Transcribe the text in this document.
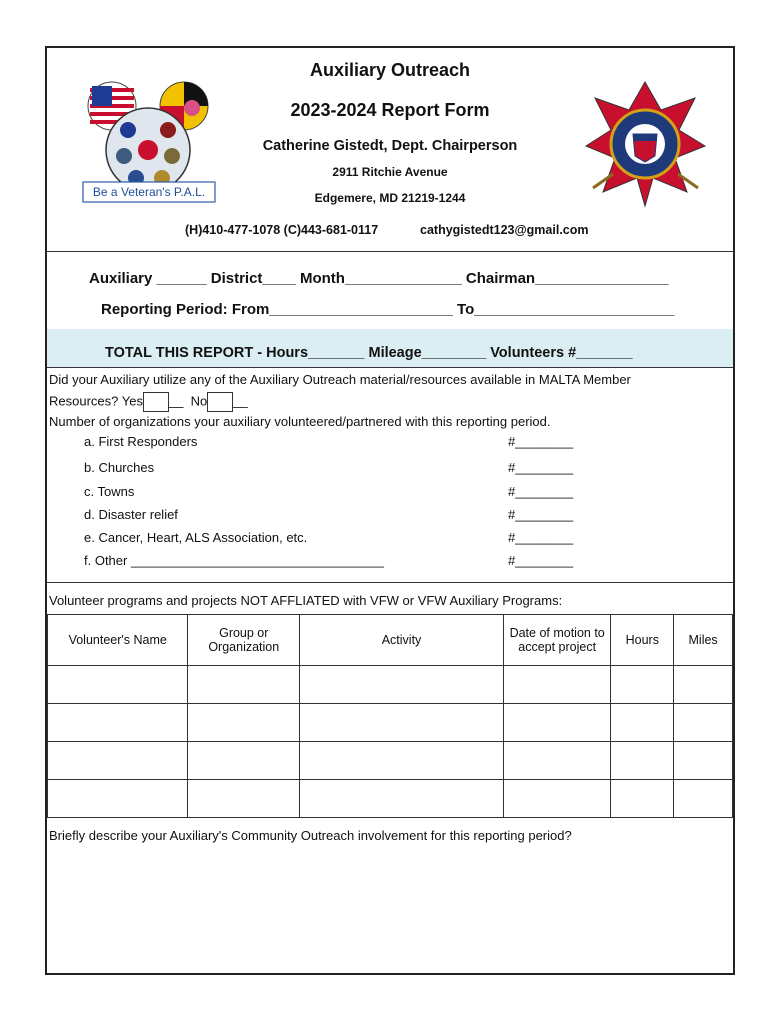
Be a Veteran's P.A.L.
Auxiliary Outreach
2023-2024 Report Form
Catherine Gistedt, Dept. Chairperson
2911 Ritchie Avenue
Edgemere, MD 21219-1244
(H)410-477-1078 (C)443-681-0117	cathygistedt123@gmail.com
Auxiliary ______ District____ Month______________ Chairman________________
Reporting Period: From______________________ To________________________
TOTAL THIS REPORT - Hours_______ Mileage________ Volunteers #_______
Did your Auxiliary utilize any of the Auxiliary Outreach material/resources available in MALTA Member
Resources? Yes __  No __
Number of organizations your auxiliary volunteered/partnered with this reporting period.
a. First Responders	#________
b. Churches	#________
c. Towns	#________
d. Disaster relief	#________
e. Cancer, Heart, ALS Association, etc.	#________
f. Other ___________________________________	#________
Volunteer programs and projects NOT AFFLIATED with VFW or VFW Auxiliary Programs:
Volunteer's Name	Group or Organization	Activity	Date of motion to accept project	Hours	Miles

Briefly describe your Auxiliary's Community Outreach involvement for this reporting period?
